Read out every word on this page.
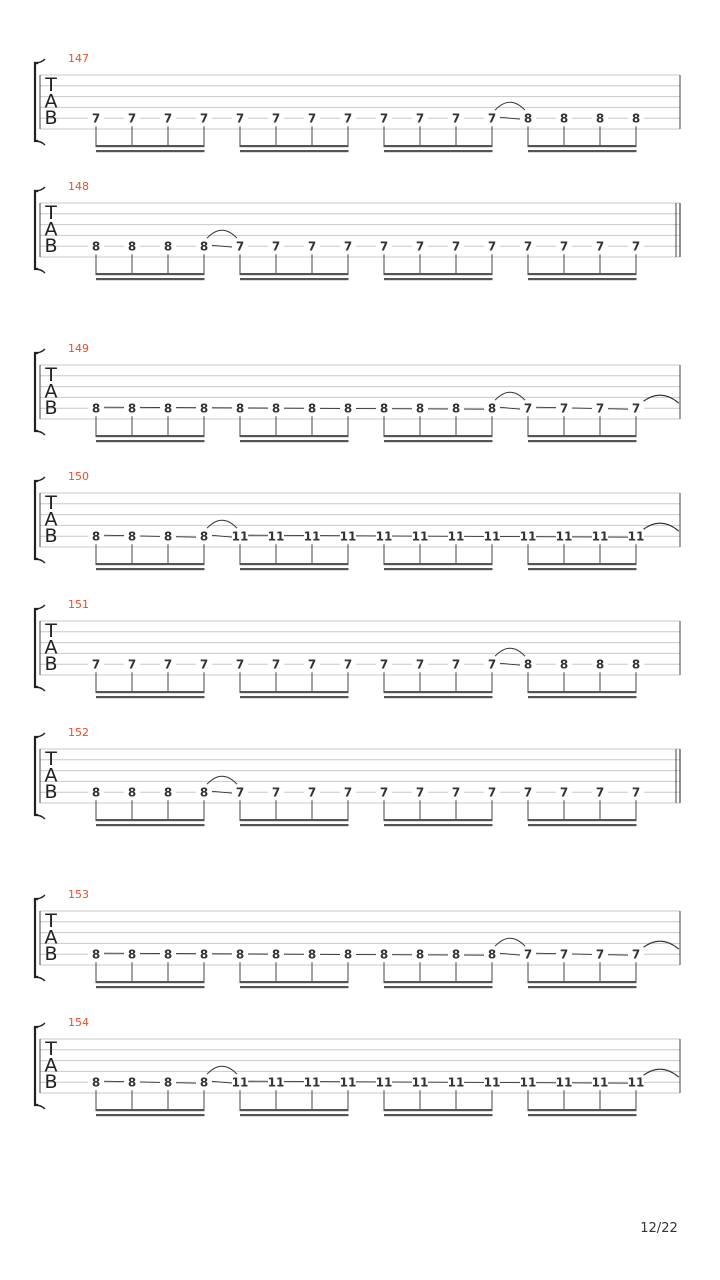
T
A
B
147
7 7 7 7 7 7 7 7 7 7 7 7 8 8 8 8
T
A
B
148
8 8 8 8 7 7 7 7 7 7 7 7 7 7 7 7
T
A
B
149
8 8 8 8 8 8 8 8 8 8 8 8 7 7 7 7
T
A
B
150
8 8 8 8 11 11 11 11 11 11 11 11 11 11 11 11
T
A
B
151
7 7 7 7 7 7 7 7 7 7 7 7 8 8 8 8
T
A
B
152
8 8 8 8 7 7 7 7 7 7 7 7 7 7 7 7
T
A
B
153
8 8 8 8 8 8 8 8 8 8 8 8 7 7 7 7
T
A
B
154
8 8 8 8 11 11 11 11 11 11 11 11 11 11 11 11
12/22
